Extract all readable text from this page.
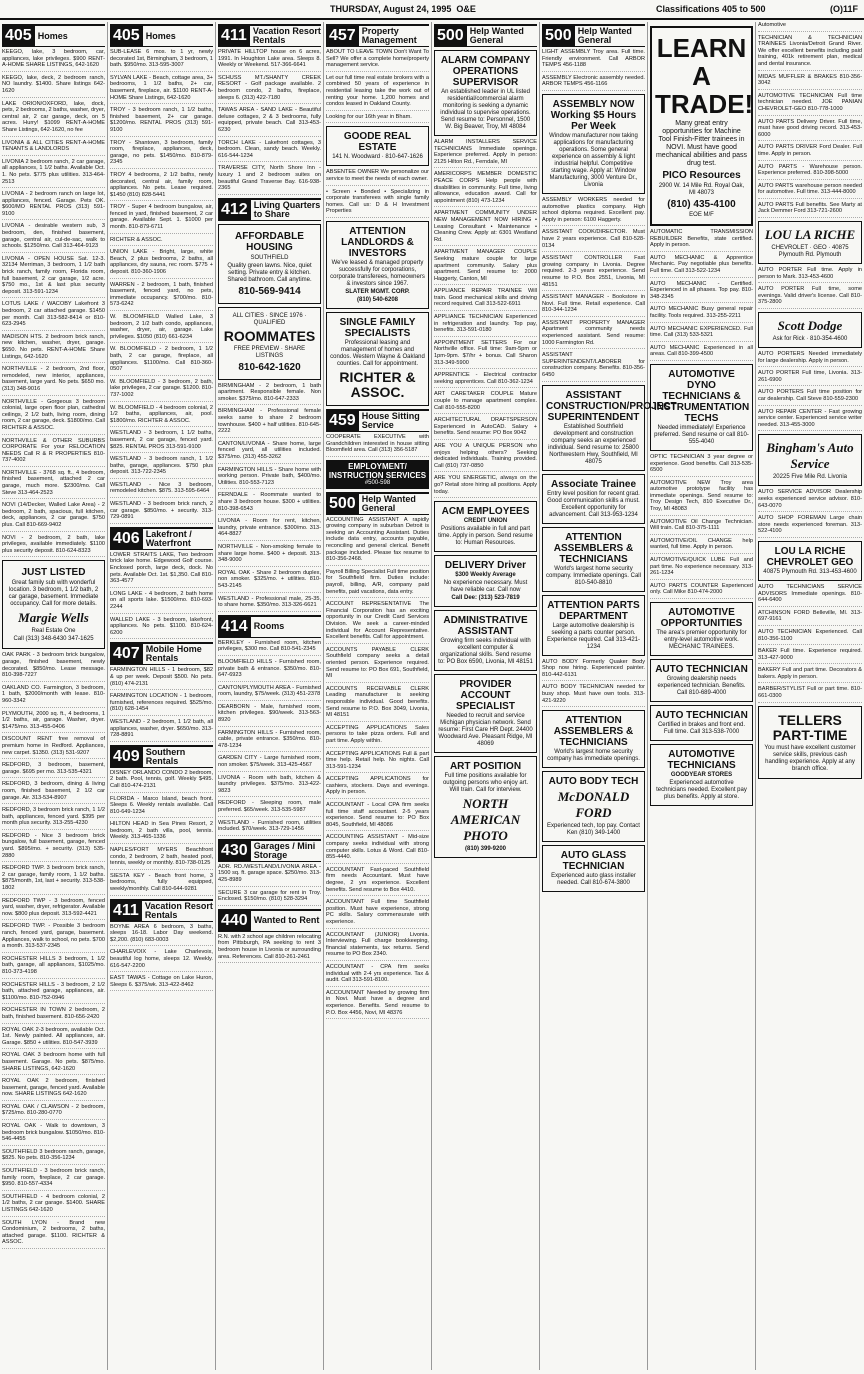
THURSDAY, August 24, 1995 O&E	Classifications 405 to 500	(O)11F
405 Homes
KEEGO, lake, 3 bedroom, car, appliances, lake privileges. $900 RENT-A-HOME SHARE LISTINGS, 642-1620
KEEGO, lake, deck, 2 bedroom ranch, NO laundry. $1400. Share listings 642-1620
LAKE ORION/OXFORD, lake, dock, pets, 2 bedrooms, 2 baths, washer, dryer, central air, 2 car garage, deck, on 5 acres. Hurry! $1099 RENT-A-HOME Share Listings, 642-1620, no fee
LIVONIA & ALL CITIES RENT-A-HOME TENANTS & LANDLORDS
LIVONIA 2 bedroom ranch, 2 car garage, all appliances, 1 1/2 baths. Available Oct. 1. No pets. $775 plus utilities. 313-464-2513
LIVONIA - 2 bedroom ranch on large lot, appliances, fenced. Garage. Pets OK. $600/MO RENTAL PROS (313) 591-9100
LIVONIA - desirable western sub, 3 bedroom, den, finished basement, garage, central air, cul-de-sac, walk to schools. $1250/mo. Call 313-464-9123
LIVONIA - OPEN HOUSE Sat. 12-3. 32134 Merriman, 3 bedroom, 1 1/2 bath brick ranch, family room, Florida room, full basement, 2 car garage, 1/2 acre. $750 mo., 1st & last plus security deposit. 313-591-1234
LOTUS LAKE / WACOBY Lakefront 3 bedroom, 2 car attached garage. $1450 per month. Call 313-582-8414 or 810-623-2945
MADISON HTS. 2 bedroom brick ranch, new kitchen, washer, dryer, garage. $650. No pets. RENT-A-HOME Share Listings, 642-1620
NORTHVILLE - 2 bedroom, 2nd floor, remodeled, new interior, appliances, basement, large yard. No pets. $650 mo. (313) 348-9016
NORTHVILLE - Gorgeous 3 bedroom colonial, large open floor plan, cathedral ceilings, 2 1/2 bath, living room, dining room, 2 car garage, deck. $1800/mo. Call RICHTER & ASSOC.
NORTHVILLE & OTHER SUBURBS CORPORATE For your RELOCATION NEEDS Call R & R PROPERTIES 810-737-4002
NORTHVILLE - 3768 sq. ft., 4 bedroom, finished basement, attached 2 car garage, much more. $2300/mo. Call Steve 313-464-2523
NOVI (14/Decker, Walled Lake Area) - 2 bedroom, 2 bath, spacious, full kitchen, deck, appliances, 2 car garage. $750 plus. Call 810-669-9402
NOVI - 2 bedroom, 2 bath, lake privileges, available immediately. $1100 plus security deposit. 810-624-8323
JUST LISTED
Great family sub with wonderful location. 3 bedroom, 1 1/2 bath, 2 car garage, basement. Immediate occupancy. Call for more details.
Margie Wells
Real Estate One
Call (313) 348-6430 347-1625
OAK PARK - 3 bedroom brick bungalow, garage, finished basement, newly decorated. $850/mo. Lease message. 810-398-7227
OAKLAND CO. Farmington, 3 bedroom, 1 bath, $2000/month with lease. 810-960-3342
PLYMOUTH, 2000 sq. ft., 4 bedrooms, 1 1/2 baths, air, garage. Washer, dryer. $1475/mo. 313-455-0406
DISCOUNT RENT free removal of premium home in Redford. Appliances, new carpet. $1350. (313) 531-9207
REDFORD, 3 bedroom, basement, garage. $695 per mo. 313-535-4321
REDFORD, 3 bedroom, dining & living room, finished basement, 2 1/2 car garage. Air. 313-534-8907
REDFORD, 3 bedroom brick ranch, 1 1/2 bath, appliances, fenced yard. $395 per month plus security. 313-255-4230
REDFORD - Nice 3 bedroom brick bungalow, full basement, garage, fenced yard. $895/mo. + security. (313) 535-2880
REDFORD TWP. 3 bedroom brick ranch, 2 car garage, family room, 1 1/2 baths. $875/month, 1st, last + security. 313-538-1802
REDFORD TWP - 3 bedroom, fenced yard, washer, dryer, refrigerator. Available now. $800 plus deposit. 313-592-4421
REDFORD TWP. - Possible 3 bedroom ranch, fenced yard, garage, basement. Appliances, walk to school, no pets. $700 a month. 313-537-2345
ROCHESTER HILLS 3 bedroom, 1 1/2 bath, garage, all appliances, $1025/mo. 810-373-4198
ROCHESTER HILLS - 3 bedroom, 2 1/2 bath, attached garage, appliances, air. $1100/mo. 810-752-0946
ROCHESTER IN TOWN 2 bedroom, 2 bath, finished basement. 810-656-2420
ROYAL OAK 2-3 bedroom, available Oct. 1st. Newly painted. All appliances, air. Garage. $850 + utilities. 810-547-3939
ROYAL OAK 3 bedroom home with full basement. Garage. No pets. $875/mo. SHARE LISTINGS, 642-1620
ROYAL OAK 2 bedroom, finished basement, garage, fenced yard. Available now. SHARE LISTINGS 642-1620
ROYAL OAK / CLAWSON - 2 bedroom, $725/mo. 810-280-0770
ROYAL OAK - Walk to downtown, 3 bedroom brick bungalow. $1050/mo. 810-546-4455
SOUTHFIELD 3 bedroom ranch, garage, $825. No pets. 810-356-1234
SOUTHFIELD - 3 bedroom brick ranch, family room, fireplace, 2 car garage. $950. 810-557-4334
SOUTHFIELD - 4 bedroom colonial, 2 1/2 baths, 2 car garage. $1400. SHARE LISTINGS 642-1620
SOUTH LYON - Brand new Condominium, 2 bedrooms, 2 baths, attached garage. $1100. RICHTER & ASSOC.
405 Homes
SUB-LEASE 6 mos. to 1 yr, newly decorated 1st, Birmingham, 3 bedroom, 1 bath. $950/mo. 313-595-3007
SYLVAN LAKE - Beach, cottage area, 3+ bedrooms, 1 1/2 baths, 2+ car, basement, fireplace, air. $1100 RENT-A-HOME Share Listings, 642-1620
TROY - 3 bedroom ranch, 1 1/2 baths, finished basement, 2+ car garage. $1200/mo. RENTAL PROS (313) 591-9100
TROY - Shantown, 3 bedroom, family room, fireplace, appliances, deck, garage, no pets. $1450/mo. 810-879-2345
TROY 4 bedrooms, 2 1/2 baths, newly decorated, central air, family room, appliances. No pets. Lease required. $1450 (810) 828-5441
TROY - Super 4 bedroom bungalow, air, fenced in yard, finished basement, 2 car garage. Available Sept. 1. $1000 per month. 810-879-6711
RICHTER & ASSOC.
UNION LAKE - Bright, large, white Beach, 2 plus bedrooms, 2 baths, all appliances, dry sauna, rec room. $775 + deposit. 810-360-1906
WARREN - 2 bedroom, 1 bath, finished basement, fenced yard, no pets, immediate occupancy. $700/mo. 810-573-6242
W. BLOOMFIELD Walled Lake, 3 bedroom, 2 1/2 bath condo, appliances, washer, dryer, air, garage. Lake privileges. $1050 (810) 661-6234
W. BLOOMFIELD - 2 bedroom, 1 1/2 bath, 2 car garage, fireplace, all appliances. $1100/mo. Call 810-360-0507
W. BLOOMFIELD - 3 bedroom, 2 bath, lake privileges, 2 car garage. $1200. 810-737-1002
W. BLOOMFIELD - 4 bedroom colonial, 2 1/2 baths, appliances, air, pool. $1800/mo. RICHTER & ASSOC.
WESTLAND - 3 bedroom, 1 1/2 baths, basement, 2 car garage, fenced yard. $825. RENTAL PROS 313-591-9100
WESTLAND - 3 bedroom ranch, 1 1/2 baths, garage, appliances. $750 plus deposit. 313-722-2345
WESTLAND - Nice 3 bedroom, remodeled kitchen. $875. 313-595-6464
WESTLAND - 3 bedroom brick ranch, 2 car garage. $850/mo. + security. 313-729-0891
406 Lakefront / Waterfront
LOWER STRAITS LAKE, Two bedroom brick lake home. Edgewood Golf course. Enclosed porch, large deck, dock. No pets. Available Oct. 1st. $1,350. Call 810-363-4577
LONG LAKE - 4 bedroom, 2 bath home on all sports lake. $1500/mo. 810-693-2244
WALLED LAKE - 3 bedroom, lakefront, appliances. No pets. $1100. 810-624-6200
407 Mobile Home Rentals
FARMINGTON HILLS - 1 bedroom, $82 & up per week. Deposit $500. No pets. (810) 474-2131
FARMINGTON LOCATION - 1 bedroom, furnished, references required. $525/mo. (810) 628-1454
WESTLAND - 2 bedroom, 1 1/2 bath, all appliances, washer, dryer. $650/mo. 313-728-8891
409 Southern Rentals
DISNEY ORLANDO CONDO 2 bedroom, 2 bath. Pool, tennis, golf. Weekly $495. Call 810-474-2131
FLORIDA - Marco Island, beach front. Sleeps 6. Weekly rentals available. Call 810-649-1234
HILTON HEAD in Sea Pines Resort, 2 bedroom, 2 bath villa, pool, tennis. Weekly. 313-465-1336
NAPLES/FORT MYERS Beachfront condo, 2 bedroom, 2 bath, heated pool, tennis, weekly or monthly. 810-738-0125
SIESTA KEY - Beach front home, 3 bedrooms, fully equipped, weekly/monthly. Call 810-644-9281
411 Vacation Resort Rentals
BOYNE AREA 6 bedroom, 3 baths, sleeps 16-18. Labor Day weekend. $2,200. (810) 683-0003
CHARLEVOIX - Lake Charlevoix, beautiful log home, sleeps 12. Weekly. 616-547-2200
EAST TAWAS - Cottage on Lake Huron, Sleeps 6. $375/wk. 313-422-8462
411 Vacation Resort Rentals
PRIVATE HILLTOP house on 6 acres, 1991. In Houghton Lake area. Sleeps 8. Weekly or Weekend. 517-366-6641
SCHUSS MT./SHANTY CREEK RESORT - Golf package available. 2 bedroom condo, 2 baths, fireplace, sleeps 6. (313) 422-7180
TAWAS AREA - SAND LAKE - Beautiful deluxe cottages, 2 & 3 bedrooms, fully equipped, private beach. Call 313-453-6230
TORCH LAKE - Lakefront cottages, 3 bedroom. Clean, sandy beach. Weekly. 616-544-1234
TRAVERSE CITY, North Shore Inn - luxury 1 and 2 bedroom suites on beautiful Grand Traverse Bay. 616-938-2365
412 Living Quarters to Share
AFFORDABLE HOUSING
SOUTHFIELD
Quality green lawns. Nice, quiet setting. Private entry & kitchen. Shared bathroom. Call anytime.
810-569-9414
ALL CITIES · SINCE 1976 · QUALIFIED
ROOMMATES
FREE PREVIEW · SHARE LISTINGS
810-642-1620
BIRMINGHAM - 2 bedroom, 1 bath apartment. Responsible female. Non smoker. $375/mo. 810-647-2333
BIRMINGHAM - Professional female seeks same to share 2 bedroom townhouse. $400 + half utilities. 810-645-2222
CANTON/LIVONIA - Share home, large fenced yard, all utilities included. $375/mo. (313) 455-3262
FARMINGTON HILLS - Share home with working person. Private bath, $400/mo. Utilities. 810-553-7123
FERNDALE - Roommate wanted to share 3 bedroom house. $300 + utilities. 810-398-6543
LIVONIA - Room for rent, kitchen, laundry, private entrance. $300/mo. 313-464-8827
NORTHVILLE - Non-smoking female to share large home. $400 + deposit. 313-348-9000
ROYAL OAK - Share 2 bedroom duplex, non smoker. $325/mo. + utilities. 810-543-2145
WESTLAND - Professional male, 25-35, to share home. $350/mo. 313-326-6621
414 Rooms
BERKLEY - Furnished room, kitchen privileges, $300 mo. Call 810-541-2345
BLOOMFIELD HILLS - Furnished room, private bath & entrance. $350/mo. 810-647-6923
CANTON/PLYMOUTH AREA - Furnished room, laundry, $75/week. (313) 451-2378
DEARBORN - Male, furnished room, kitchen privileges. $90/week. 313-563-8920
FARMINGTON HILLS - Furnished room, cable, private entrance. $350/mo. 810-478-1234
GARDEN CITY - Large furnished room, non smoker. $75/week. 313-425-4567
LIVONIA - Room with bath, kitchen & laundry privileges. $375/mo. 313-422-9823
REDFORD - Sleeping room, male preferred. $65/week. 313-535-5987
WESTLAND - Furnished room, utilities included. $70/week. 313-729-1456
430 Garages / Mini Storage
ADR. RD./WESTLAND/LIVONIA AREA - 1500 sq. ft. garage space. $250/mo. 313-425-8989
SECURE 3 car garage for rent in Troy. Enclosed. $150/mo. (810) 528-3294
440 Wanted to Rent
R.N. with 2 school age children relocating from Pittsburgh, PA seeking to rent 3 bedroom house in Livonia or surrounding area. References. Call 810-261-2461
457 Property Management
ABOUT TO LEAVE TOWN Don't Want To Sell? We offer a complete home/property management service.
Let our full time real estate brokers with a combined 50 years of experience in residential leasing take the work out of renting your home. 1,200 homes and condos leased in Oakland County.
Looking for our 16th year in Bham.
GOODE REAL ESTATE

141 N. Woodward · 810-647-1626

ABSENTEE OWNER We personalize our service to meet the needs of each owner.
• Screen • Bonded • Specializing in corporate transferees with single family homes. Call us: D & H Investment Properties
ATTENTION LANDLORDS & INVESTORS

We've leased & managed property successfully for corporations, corporate transferees, homeowners & investors since 1967.

SLATER MGMT. CORP.

(810) 540-6208

SINGLE FAMILY SPECIALISTS

Professional leasing and management of homes and condos. Western Wayne & Oakland counties. Call for appointment.

RICHTER & ASSOC.
459 House Sitting Service
COOPERATE EXECUTIVE with Grandchildren interested in house sitting Bloomfield area. Call (313) 356-5187
EMPLOYMENT/ INSTRUCTION SERVICES
#500-598
500 Help Wanted General
ACCOUNTING ASSISTANT A rapidly growing company in suburban Detroit is seeking an Accounting Assistant. Duties include data entry, accounts payable, reconciling and general clerical. Benefit package included. Please fax resume to 810-356-2468.
Payroll Billing Specialist Full time position for Southfield firm. Duties include: payroll, billing, A/R, company paid benefits, paid vacations, data entry.
ACCOUNT REPRESENTATIVE The Financial Corporation has an exciting opportunity in our Credit Card Services Division. We seek a career-minded individual for Account Representative. Excellent benefits. Call for appointment.
ACCOUNTS PAYABLE CLERK Southfield company seeks a detail oriented person. Experience required. Send resume to: PO Box 691, Southfield, MI
ACCOUNTS RECEIVABLE CLERK Leading manufacturer is seeking responsible individual. Good benefits. Send resume to P.O. Box 3049, Livonia, MI 48151
ACCEPTING APPLICATIONS Sales persons to take pizza orders. Full and part time. Apply within.
ACCEPTING APPLICATIONS Full & part time help. Retail help. No nights. Call 313-591-1234
ACCEPTING APPLICATIONS for cashiers, stockers. Days and evenings. Apply in person.
ACCOUNTANT - Local CPA firm seeks full time staff accountant. 2-5 years experience. Send resume to: PO Box 8045, Southfield, MI 48086
ACCOUNTING ASSISTANT - Mid-size company seeks individual with strong computer skills. Lotus & Word. Call 810-855-4440.
ACCOUNTANT Fast-paced Southfield firm needs Accountant. Must have degree, 2 yrs experience. Excellent benefits. Send resume to Box 4410.
ACCOUNTANT Full time Southfield position. Must have experience, strong PC skills. Salary commensurate with experience.
ACCOUNTANT (JUNIOR) Livonia. Interviewing. Full charge bookkeeping, financial statements, tax returns. Send resume to PO Box 2340.
ACCOUNTANT - CPA firm seeks individual with 2-4 yrs experience. Tax & audit. Call 313-591-8100.
ACCOUNTANT Needed by growing firm in Novi. Must have a degree and experience. Benefits. Send resume to P.O. Box 4456, Novi, MI 48376
500 Help Wanted General
ALARM COMPANY OPERATIONS SUPERVISOR

An established leader in UL listed residential/commercial alarm monitoring is seeking a dynamic individual to supervise operations. Send resume to: Personnel, 1500 W. Big Beaver, Troy, MI 48084

ALARM INSTALLERS SERVICE TECHNICIANS Immediate openings. Experience preferred. Apply in person: 2125 Hilton Rd., Ferndale, MI
AMERICORPS MEMBER DOMESTIC PEACE CORPS Help people with disabilities in community. Full time, living allowance, education award. Call for appointment (810) 473-1234
APARTMENT COMMUNITY UNDER NEW MANAGEMENT NOW HIRING • Leasing Consultant • Maintenance • Cleaning Crew. Apply at: 6301 Westland Rd.
APARTMENT MANAGER COUPLE Seeking mature couple for large apartment community. Salary plus apartment. Send resume to: 2000 Haggerty, Canton, MI
APPLIANCE REPAIR TRAINEE Will train. Good mechanical skills and driving record required. Call 313-522-6911
APPLIANCE TECHNICIAN Experienced in refrigeration and laundry. Top pay, benefits. 313-591-0180
APPOINTMENT SETTERS For our Northville office. Full time: 9am-5pm or 1pm-9pm. $7/hr + bonus. Call Sharon 313-349-5900
APPRENTICE - Electrical contractor seeking apprentices. Call 810-362-1234
ART CARETAKER COUPLE Mature couple to manage apartment complex. Call 810-555-8200
ARCHITECTURAL DRAFTSPERSON Experienced in AutoCAD. Salary + benefits. Send resume: PO Box 9042
ARE YOU A UNIQUE PERSON who enjoys helping others? Seeking dedicated individuals. Training provided. Call (810) 737-0850
ARE YOU ENERGETIC, always on the go? Retail store hiring all positions. Apply today.
ACM EMPLOYEES

CREDIT UNION

Positions available in full and part time. Apply in person. Send resume to: Human Resources.

DELIVERY Driver

$300 Weekly Average

No experience necessary. Must have reliable car. Call now

Call Dee: (313) 523-7819

ADMINISTRATIVE ASSISTANT

Growing firm seeks individual with excellent computer & organizational skills. Send resume to: PO Box 6590, Livonia, MI 48151

PROVIDER ACCOUNT SPECIALIST

Needed to recruit and service Michigan physician network. Send resume: First Care HR Dept. 24400 Woodward Ave. Pleasant Ridge, MI 48069

ART POSITION

Full time positions available for outgoing persons who enjoy art. Will train. Call for interview.

NORTH AMERICAN PHOTO

(810) 399-9200

500 Help Wanted General
LIGHT ASSEMBLY Troy area. Full time. Friendly environment. Call ARBOR TEMPS 456-1188
ASSEMBLY Electronic assembly needed. ARBOR TEMPS 456-1166
ASSEMBLY NOW Working $5 Hours Per Week

Window manufacturer now taking applications for manufacturing operations. Some general experience on assembly & light industrial helpful. Competitive starting wage. Apply at: Window Manufacturing, 3000 Venture Dr., Livonia

ASSEMBLY WORKERS needed for automotive plastics company. High school diploma required. Excellent pay. Apply in person: 6100 Haggerty.
ASSISTANT COOK/DIRECTOR. Must have 2 years experience. Call 810-528-0134
ASSISTANT CONTROLLER Fast growing company in Livonia. Degree required. 2-3 years experience. Send resume to P.O. Box 2551, Livonia, MI 48151
ASSISTANT MANAGER - Bookstore in Novi. Full time. Retail experience. Call 810-344-1234
ASSISTANT PROPERTY MANAGER Apartment community needs experienced assistant. Send resume: 1000 Farmington Rd.
ASSISTANT SUPERINTENDENT/LABORER for construction company. Benefits. 810-356-6450
ASSISTANT CONSTRUCTION/PROJECT SUPERINTENDENT

Established Southfield development and construction company seeks an experienced individual. Send resume to: 25800 Northwestern Hwy, Southfield, MI 48075

Associate Trainee

Entry level position for recent grad. Good communication skills a must. Excellent opportunity for advancement. Call 313-953-1234

ATTENTION ASSEMBLERS & TECHNICIANS

World's largest home security company. Immediate openings. Call 810-540-8810

ATTENTION PARTS DEPARTMENT

Large automotive dealership is seeking a parts counter person. Experience required. Call 313-421-1234

AUTO BODY Formerly Quaker Body Shop now hiring. Experienced painter. 810-442-6131
AUTO BODY TECHNICIAN needed for busy shop. Must have own tools. 313-421-9220
ATTENTION ASSEMBLERS & TECHNICIANS

World's largest home security company has immediate openings.

AUTO BODY TECH
McDONALD FORD

Experienced tech, top pay. Contact Ken (810) 349-1400

AUTO GLASS TECHNICIAN

Experienced auto glass installer needed. Call 810-674-3800

LEARN A TRADE!
Many great entry opportunities for Machine Tool Finish-Fitter trainees in NOVI. Must have good mechanical abilities and pass drug test.
PICO Resources
2900 W. 14 Mile Rd. Royal Oak, MI 48073
(810) 435-4100
EOE M/F
AUTOMATIC TRANSMISSION REBUILDER Benefits, state certified. Apply in person.
AUTO MECHANIC & Apprentice Mechanic. Pay negotiable plus benefits. Full time. Call 313-522-1234
AUTO MECHANIC - Certified. Experienced in all phases. Top pay. 810-348-2345
AUTO MECHANIC Busy general repair facility. Tools required. 313-255-2211
AUTO MECHANIC EXPERIENCED. Full time. Call (313) 533-5321
AUTO MECHANIC Experienced in all areas. Call 810-399-4500
AUTOMOTIVE DYNO TECHNICIANS & INSTRUMENTATION TECHS

Needed immediately! Experience preferred. Send resume or call 810-555-4040

OPTIC TECHNICIAN 3 year degree or experience. Good benefits. Call 313-535-6500
AUTOMOTIVE NEW Troy area automotive prototype facility has immediate openings. Send resume to: Troy Design Tech, 810 Executive Dr., Troy, MI 48083
AUTOMOTIVE Oil Change Technician. Will train. Call 810-375-1111
AUTOMOTIVE/OIL CHANGE help wanted, full time. Apply in person.
AUTOMOTIVE/QUICK LUBE Full and part time. No experience necessary. 313-261-1234
AUTO PARTS COUNTER Experienced only. Call Mike 810-474-2000
AUTOMOTIVE OPPORTUNITIES

The area's premier opportunity for entry-level automotive work. MECHANIC TRAINEES.

AUTO TECHNICIAN

Growing dealership needs experienced technician. Benefits. Call 810-689-4000

AUTO TECHNICIAN

Certified in brakes and front end. Full time. Call 313-538-7000

AUTOMOTIVE TECHNICIANS

GOODYEAR STORES

Experienced automotive technicians needed. Excellent pay plus benefits. Apply at store.

Automotive
TECHNICIAN & TECHNICIAN TRAINEES Livonia/Detroit Grand River. We offer excellent benefits including paid training, 401k retirement plan, medical and dental insurance.
MIDAS MUFFLER & BRAKES 810-356-3042
AUTOMOTIVE TECHNICIAN Full time technician needed. JOE PANIAN CHEVROLET-GEO 810-778-1000
AUTO PARTS Delivery Driver. Full time, must have good driving record. 313-453-6000
AUTO PARTS DRIVER Ford Dealer. Full time. Apply in person.
AUTO PARTS - Warehouse person. Experience preferred. 810-398-5000
AUTO PARTS warehouse person needed for automotive. Full time. 313-444-8000
AUTO PARTS Full benefits. See Marty at Jack Demmer Ford 313-721-2600
LOU LA RICHE

CHEVROLET · GEO · 40875 Plymouth Rd. Plymouth

AUTO PORTER Full time. Apply in person to Mark. 313-453-4600
AUTO PORTER Full time, some evenings. Valid driver's license. Call 810-375-2800
Scott Dodge

Ask for Rick · 810-354-4600

AUTO PORTERS Needed immediately for large dealership. Apply in person.
AUTO PORTER Full time, Livonia. 313-261-6900
AUTO PORTERS Full time position for car dealership. Call Steve 810-559-2300
AUTO REPAIR CENTER - Fast growing service center. Experienced service writer needed. 313-455-3000
Bingham's Auto Service

20225 Five Mile Rd. Livonia

AUTO SERVICE ADVISOR Dealership seeks experienced service advisor. 810-643-0070
AUTO SHOP FOREMAN Large chain store needs experienced foreman. 313-522-4100
LOU LA RICHE CHEVROLET GEO

40875 Plymouth Rd. 313-453-4600

AUTO TECHNICIANS SERVICE ADVISORS Immediate openings. 810-644-6400
ATCHINSON FORD Belleville, MI. 313-697-9161
AUTO TECHNICIAN Experienced. Call 810-356-1100
BAKER Full time. Experience required. 313-427-9000
BAKERY Full and part time. Decorators & bakers. Apply in person.
BARBER/STYLIST Full or part time. 810-661-0300
TELLERS PART-TIME
You must have excellent customer service skills, previous cash handling experience. Apply at any branch office.
